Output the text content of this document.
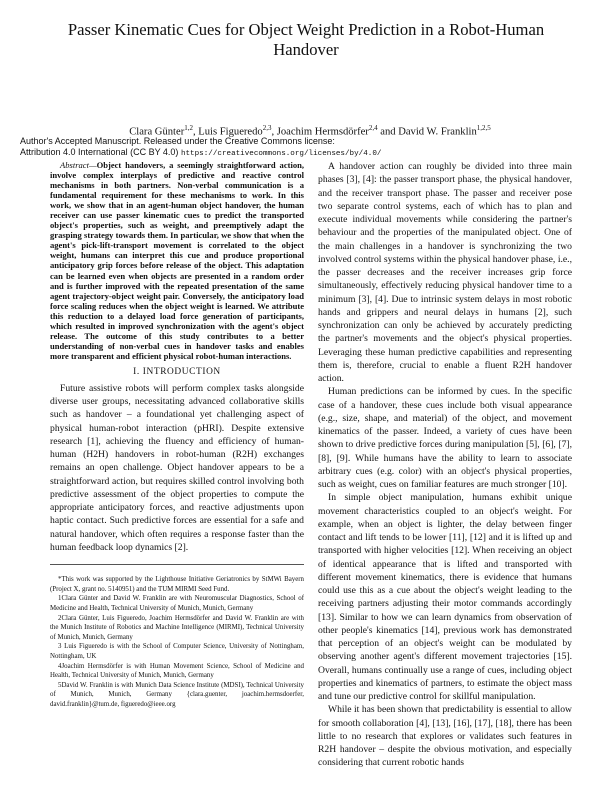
Passer Kinematic Cues for Object Weight Prediction in a Robot-Human Handover
Clara Günter$^{1,2}$, Luis Figueredo$^{2,3}$, Joachim Hermsdörfer$^{2,4}$ and David W. Franklin$^{1,2,5}$
Author's Accepted Manuscript. Released under the Creative Commons license:
Attribution 4.0 International (CC BY 4.0) https://creativecommons.org/licenses/by/4.0/

Abstract—Object handovers, a seemingly straightforward action, involve complex interplays of predictive and reactive control mechanisms in both partners. Non-verbal communication is a fundamental requirement for these mechanisms to work. In this work, we show that in an agent-human object handover, the human receiver can use passer kinematic cues to predict the transported object's properties, such as weight, and preemptively adapt the grasping strategy towards them. In particular, we show that when the agent's pick-lift-transport movement is correlated to the object weight, humans can interpret this cue and produce proportional anticipatory grip forces before release of the object. This adaptation can be learned even when objects are presented in a random order and is further improved with the repeated presentation of the same agent trajectory-object weight pair. Conversely, the anticipatory load force scaling reduces when the object weight is learned. We attribute this reduction to a delayed load force generation of participants, which resulted in improved synchronization with the agent's object release. The outcome of this study contributes to a better understanding of non-verbal cues in handover tasks and enables more transparent and efficient physical robot-human interactions.

I. INTRODUCTION

Future assistive robots will perform complex tasks alongside diverse user groups, necessitating advanced collaborative skills such as handover – a foundational yet challenging aspect of physical human-robot interaction (pHRI). Despite extensive research [1], achieving the fluency and efficiency of human-human (H2H) handovers in robot-human (R2H) exchanges remains an open challenge. Object handover appears to be a straightforward action, but requires skilled control involving both predictive assessment of the object properties to compute the appropriate anticipatory forces, and reactive adjustments upon haptic contact. Such predictive forces are essential for a safe and natural handover, which often requires a response faster than the human feedback loop dynamics [2].

*This work was supported by the Lighthouse Initiative Geriatronics by StMWi Bayern (Project X, grant no. 5140951) and the TUM MIRMI Seed Fund.

1Clara Günter and David W. Franklin are with Neuromuscular Diagnostics, School of Medicine and Health, Technical University of Munich, Munich, Germany

2Clara Günter, Luis Figueredo, Joachim Hermsdörfer and David W. Franklin are with the Munich Institute of Robotics and Machine Intelligence (MIRMI), Technical University of Munich, Munich, Germany

3 Luis Figueredo is with the School of Computer Science, University of Nottingham, Nottingham, UK

4Joachim Hermsdörfer is with Human Movement Science, School of Medicine and Health, Technical University of Munich, Munich, Germany

5David W. Franklin is with Munich Data Science Institute (MDSI), Technical University of Munich, Munich, Germany {clara.guenter, joachim.hermsdoerfer, david.franklin}@tum.de, figueredo@ieee.org

A handover action can roughly be divided into three main phases [3], [4]: the passer transport phase, the physical handover, and the receiver transport phase. The passer and receiver pose two separate control systems, each of which has to plan and execute individual movements while considering the partner's behaviour and the properties of the manipulated object. One of the main challenges in a handover is synchronizing the two involved control systems within the physical handover phase, i.e., the passer decreases and the receiver increases grip force simultaneously, effectively reducing physical handover time to a minimum [3], [4]. Due to intrinsic system delays in most robotic hands and grippers and neural delays in humans [2], such synchronization can only be achieved by accurately predicting the partner's movements and the object's physical properties. Leveraging these human predictive capabilities and representing them is, therefore, crucial to enable a fluent R2H handover action.

Human predictions can be informed by cues. In the specific case of a handover, these cues include both visual appearance (e.g., size, shape, and material) of the object, and movement kinematics of the passer. Indeed, a variety of cues have been shown to drive predictive forces during manipulation [5], [6], [7], [8], [9]. While humans have the ability to learn to associate arbitrary cues (e.g. color) with an object's physical properties, such as weight, cues on familiar features are much stronger [10].

In simple object manipulation, humans exhibit unique movement characteristics coupled to an object's weight. For example, when an object is lighter, the delay between finger contact and lift tends to be lower [11], [12] and it is lifted up and transported with higher velocities [12]. When receiving an object of identical appearance that is lifted and transported with different movement kinematics, there is evidence that humans could use this as a cue about the object's weight leading to the receiving partners adjusting their motor commands accordingly [13]. Similar to how we can learn dynamics from observation of other people's kinematics [14], previous work has demonstrated that perception of an object's weight can be modulated by observing another agent's different movement trajectories [15]. Overall, humans continually use a range of cues, including object properties and kinematics of partners, to estimate the object mass and tune our predictive control for skillful manipulation.

While it has been shown that predictability is essential to allow for smooth collaboration [4], [13], [16], [17], [18], there has been little to no research that explores or validates such features in R2H handover – despite the obvious motivation, and especially considering that current robotic hands
